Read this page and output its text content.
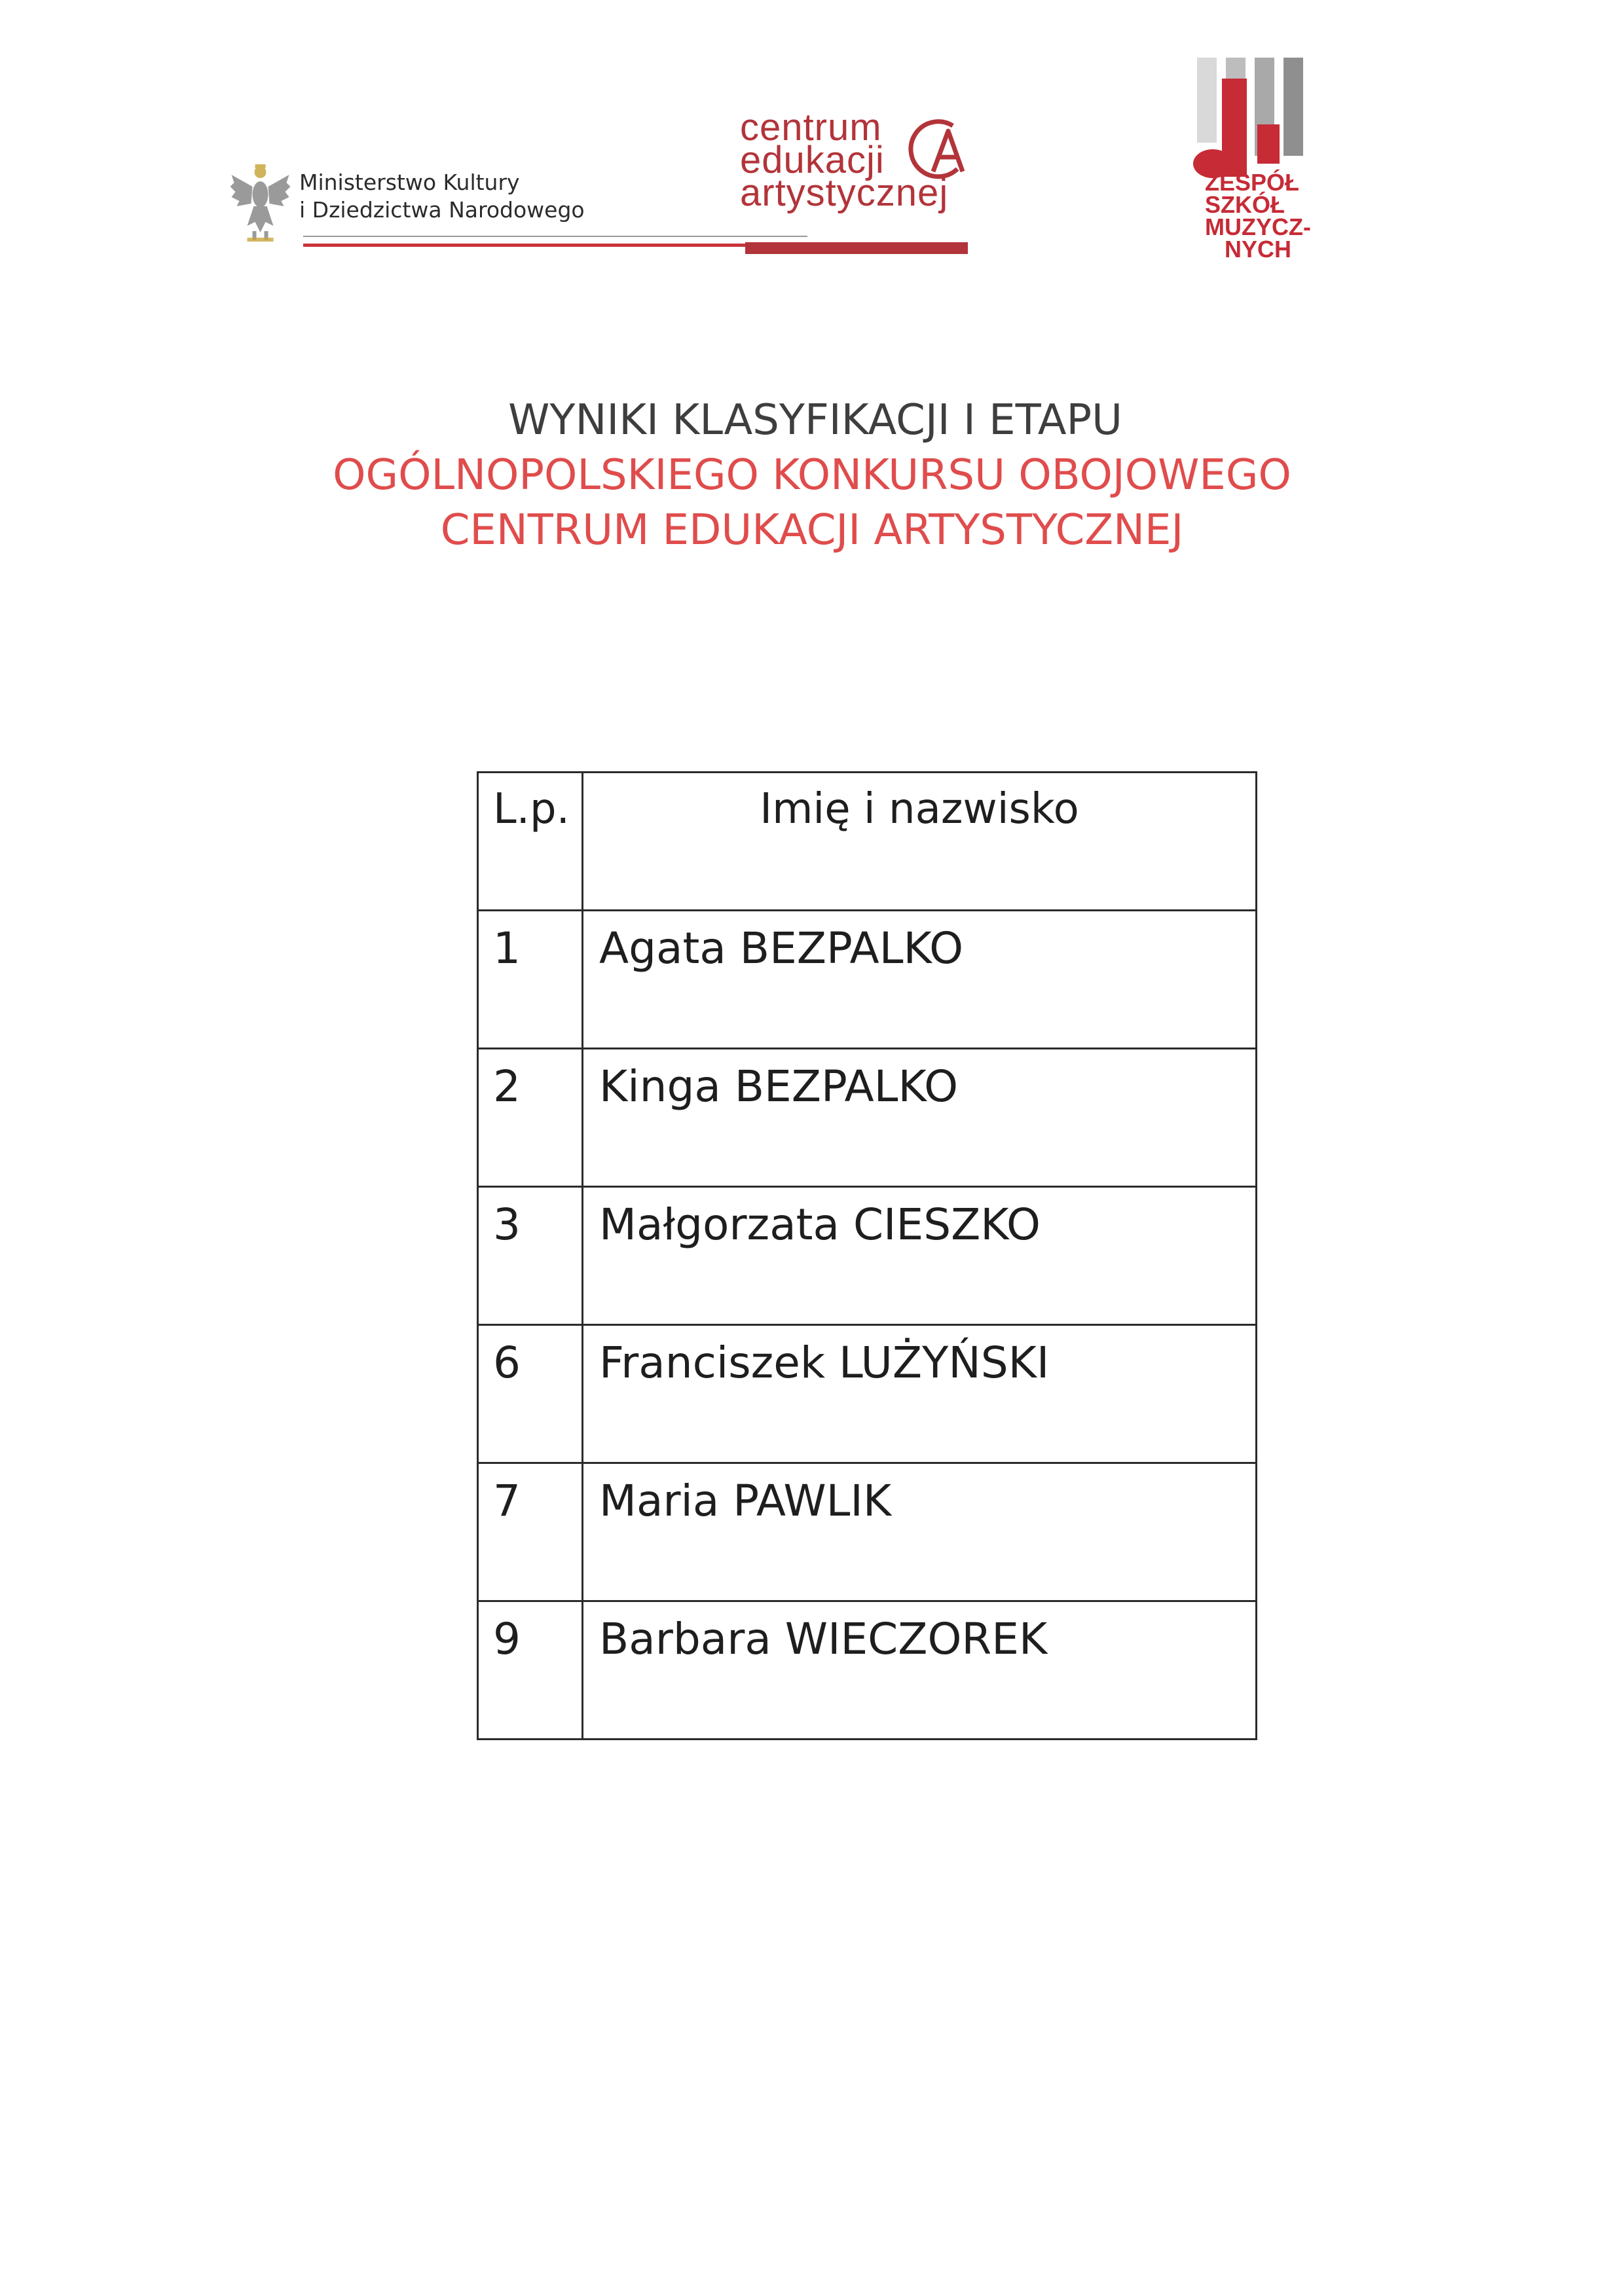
Ministerstwo Kultury
i Dziedzictwa Narodowego
centrum
edukacji
artystycznej	ZESPÓŁ
SZKÓŁ
MUZYCZ-
NYCH
WYNIKI KLASYFIKACJI I ETAPU
OGÓLNOPOLSKIEGO KONKURSU OBOJOWEGO
CENTRUM EDUKACJI ARTYSTYCZNEJ
L.p.	Imię i nazwisko
1	Agata BEZPALKO
2	Kinga BEZPALKO
3	Małgorzata CIESZKO
6	Franciszek LUŻYŃSKI
7	Maria PAWLIK
9	Barbara WIECZOREK
